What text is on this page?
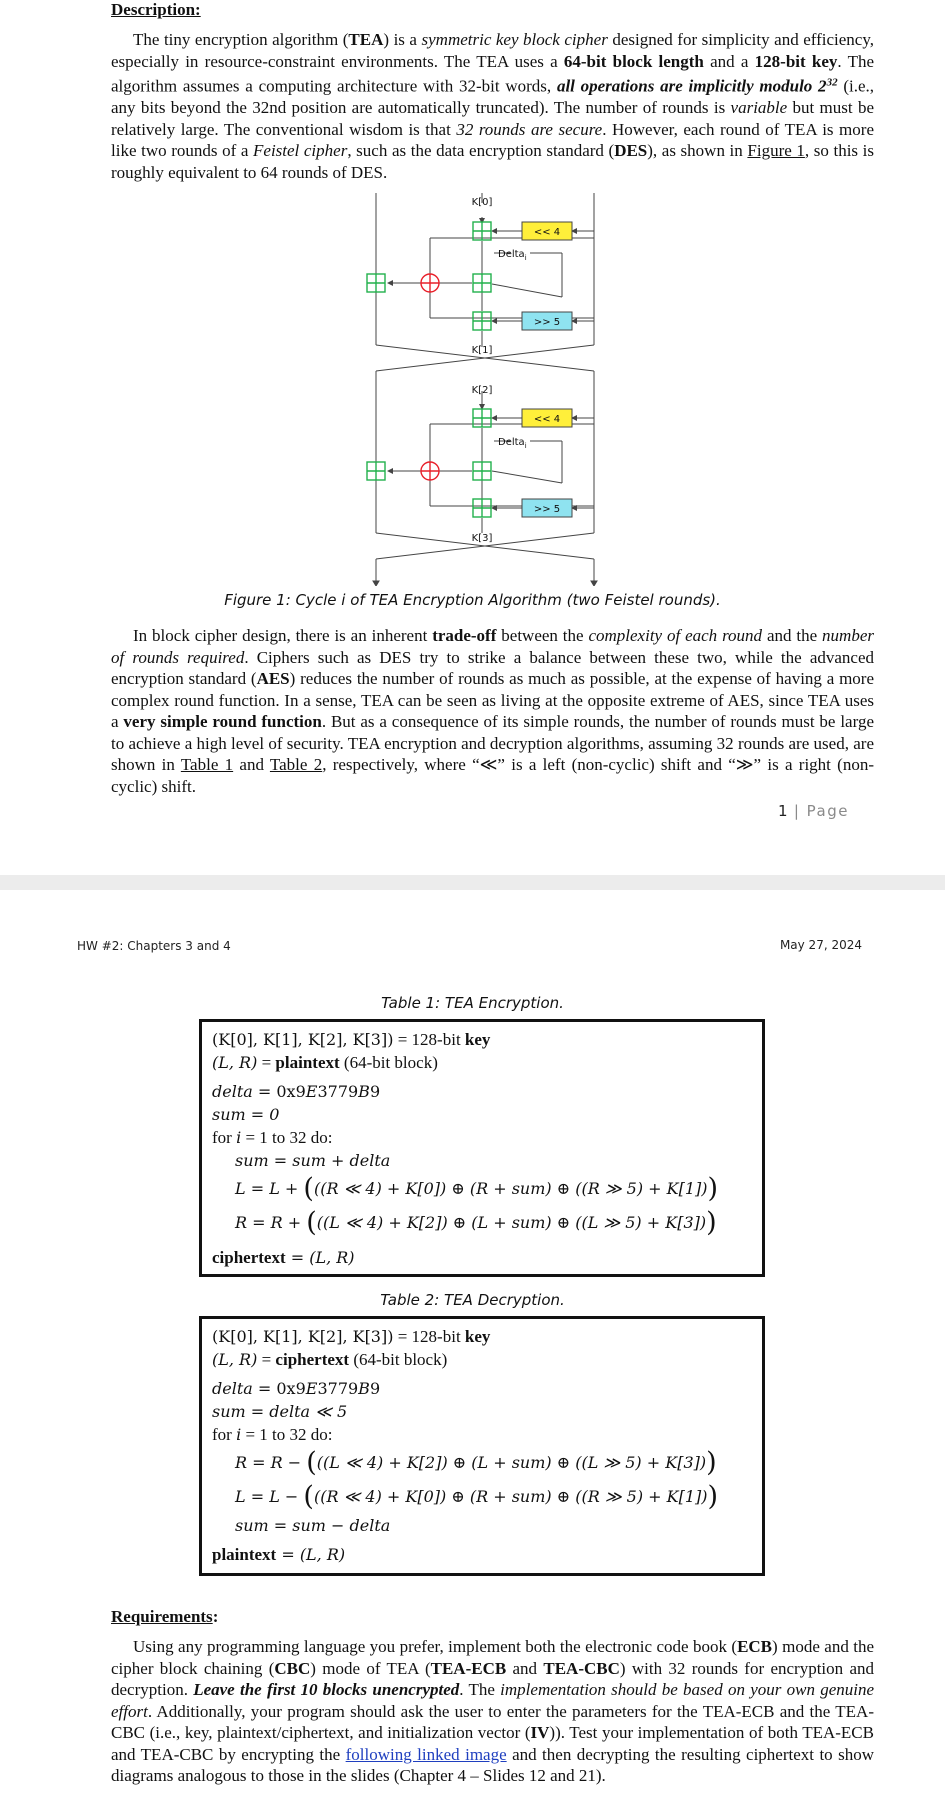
Description:
The tiny encryption algorithm (TEA) is a symmetric key block cipher designed for simplicity and efficiency, especially in resource-constraint environments. The TEA uses a 64-bit block length and a 128-bit key. The algorithm assumes a computing architecture with 32-bit words, all operations are implicitly modulo $2^{32}$ (i.e., any bits beyond the 32nd position are automatically truncated). The number of rounds is variable but must be relatively large. The conventional wisdom is that 32 rounds are secure. However, each round of TEA is more like two rounds of a Feistel cipher, such as the data encryption standard (DES), as shown in Figure 1, so this is roughly equivalent to 64 rounds of DES.
<< 4
>> 5
K[0]
K[1]
Delta$_i$
<< 4
>> 5
K[2]
K[3]
Delta$_i$
Figure 1: Cycle i of TEA Encryption Algorithm (two Feistel rounds).
In block cipher design, there is an inherent trade-off between the complexity of each round and the number of rounds required. Ciphers such as DES try to strike a balance between these two, while the advanced encryption standard (AES) reduces the number of rounds as much as possible, at the expense of having a more complex round function. In a sense, TEA can be seen as living at the opposite extreme of AES, since TEA uses a very simple round function. But as a consequence of its simple rounds, the number of rounds must be large to achieve a high level of security. TEA encryption and decryption algorithms, assuming 32 rounds are used, are shown in Table 1 and Table 2, respectively, where “≪” is a left (non-cyclic) shift and “≫” is a right (non-cyclic) shift.
1 | Page
HW #2: Chapters 3 and 4	May 27, 2024
Table 1: TEA Encryption.
(K[0], K[1], K[2], K[3]) = 128-bit key
(L, R) = plaintext (64-bit block)
delta = 0x9E3779B9
sum = 0
for i = 1 to 32 do:
sum = sum + delta
L = L + (((R ≪ 4) + K[0]) ⊕ (R + sum) ⊕ ((R ≫ 5) + K[1]))
R = R + (((L ≪ 4) + K[2]) ⊕ (L + sum) ⊕ ((L ≫ 5) + K[3]))
ciphertext = (L, R)
Table 2: TEA Decryption.
(K[0], K[1], K[2], K[3]) = 128-bit key
(L, R) = ciphertext (64-bit block)
delta = 0x9E3779B9
sum = delta ≪ 5
for i = 1 to 32 do:
R = R − (((L ≪ 4) + K[2]) ⊕ (L + sum) ⊕ ((L ≫ 5) + K[3]))
L = L − (((R ≪ 4) + K[0]) ⊕ (R + sum) ⊕ ((R ≫ 5) + K[1]))
sum = sum − delta
plaintext = (L, R)
Requirements:
Using any programming language you prefer, implement both the electronic code book (ECB) mode and the cipher block chaining (CBC) mode of TEA (TEA-ECB and TEA-CBC) with 32 rounds for encryption and decryption. Leave the first 10 blocks unencrypted. The implementation should be based on your own genuine effort. Additionally, your program should ask the user to enter the parameters for the TEA-ECB and the TEA-CBC (i.e., key, plaintext/ciphertext, and initialization vector (IV)). Test your implementation of both TEA-ECB and TEA-CBC by encrypting the following linked image and then decrypting the resulting ciphertext to show diagrams analogous to those in the slides (Chapter 4 – Slides 12 and 21).
